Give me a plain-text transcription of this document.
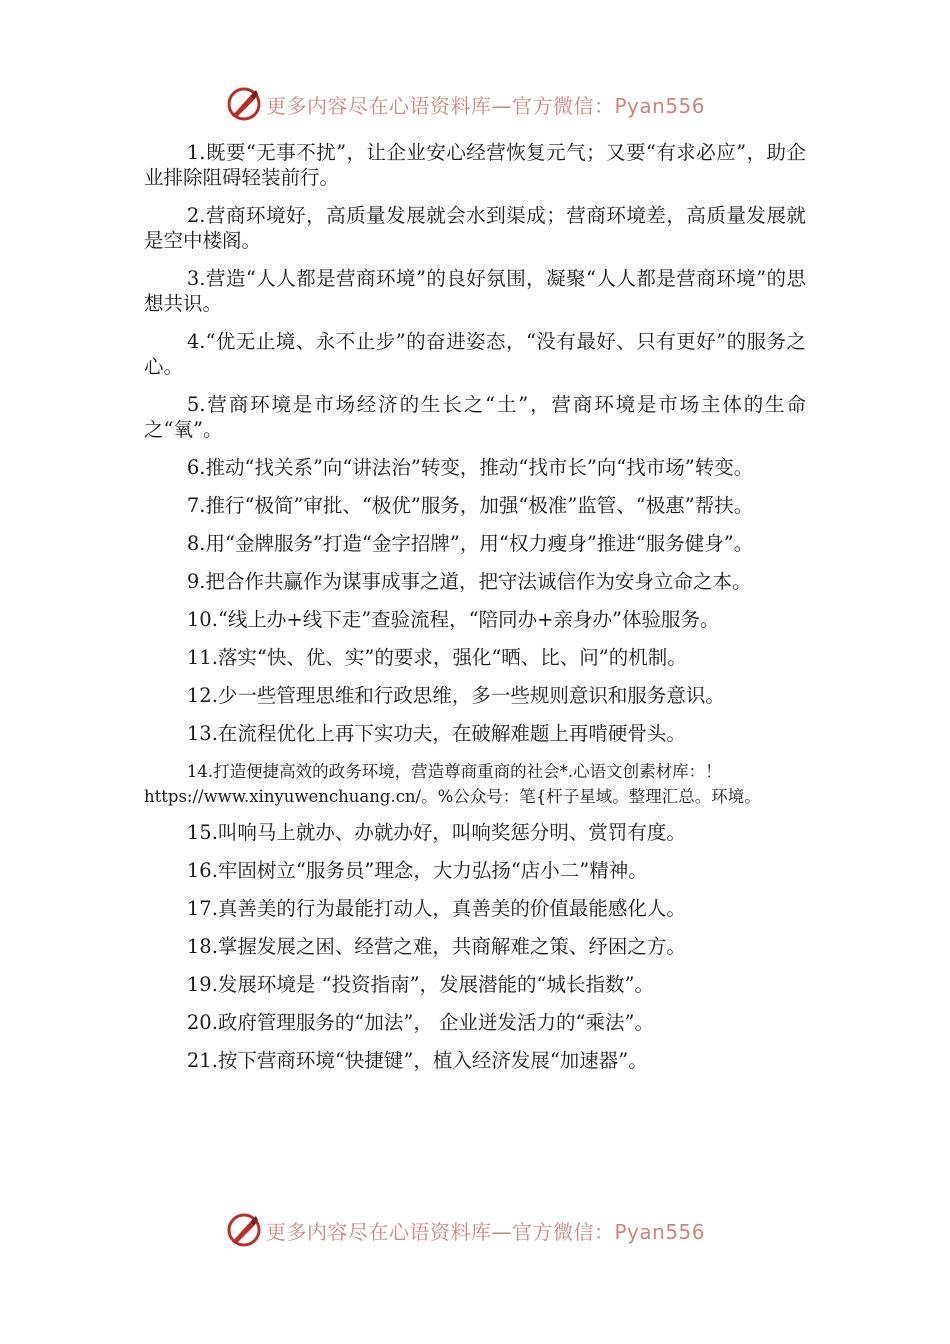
更多内容尽在心语资料库—官方微信：Pyan556

1.既要“无事不扰”，让企业安心经营恢复元气；又要“有求必应”，助企业排除阻碍轻装前行。

2.营商环境好，高质量发展就会水到渠成；营商环境差，高质量发展就是空中楼阁。

3.营造“人人都是营商环境”的良好氛围，凝聚“人人都是营商环境”的思想共识。

4.“优无止境、永不止步”的奋进姿态，“没有最好、只有更好”的服务之心。

5.营商环境是市场经济的生长之“土”，营商环境是市场主体的生命之“氧”。

6.推动“找关系”向“讲法治”转变，推动“找市长”向“找市场”转变。

7.推行“极简”审批、“极优”服务，加强“极准”监管、“极惠”帮扶。

8.用“金牌服务”打造“金字招牌”，用“权力瘦身”推进“服务健身”。

9.把合作共赢作为谋事成事之道，把守法诚信作为安身立命之本。

10.“线上办+线下走”查验流程，“陪同办+亲身办”体验服务。

11.落实“快、优、实”的要求，强化“晒、比、问”的机制。

12.少一些管理思维和行政思维，多一些规则意识和服务意识。

13.在流程优化上再下实功夫，在破解难题上再啃硬骨头。

14.打造便捷高效的政务环境，营造尊商重商的社会*.心语文创素材库：！
https://www.xinyuwenchuang.cn/。%公众号：笔{杆子星域。整理汇总。环境。

15.叫响马上就办、办就办好，叫响奖惩分明、赏罚有度。

16.牢固树立“服务员”理念，大力弘扬“店小二”精神。

17.真善美的行为最能打动人，真善美的价值最能感化人。

18.掌握发展之困、经营之难，共商解难之策、纾困之方。

19.发展环境是 “投资指南”，发展潜能的“城长指数”。

20.政府管理服务的“加法”， 企业迸发活力的“乘法”。

21.按下营商环境“快捷键”，植入经济发展“加速器”。

更多内容尽在心语资料库—官方微信：Pyan556
